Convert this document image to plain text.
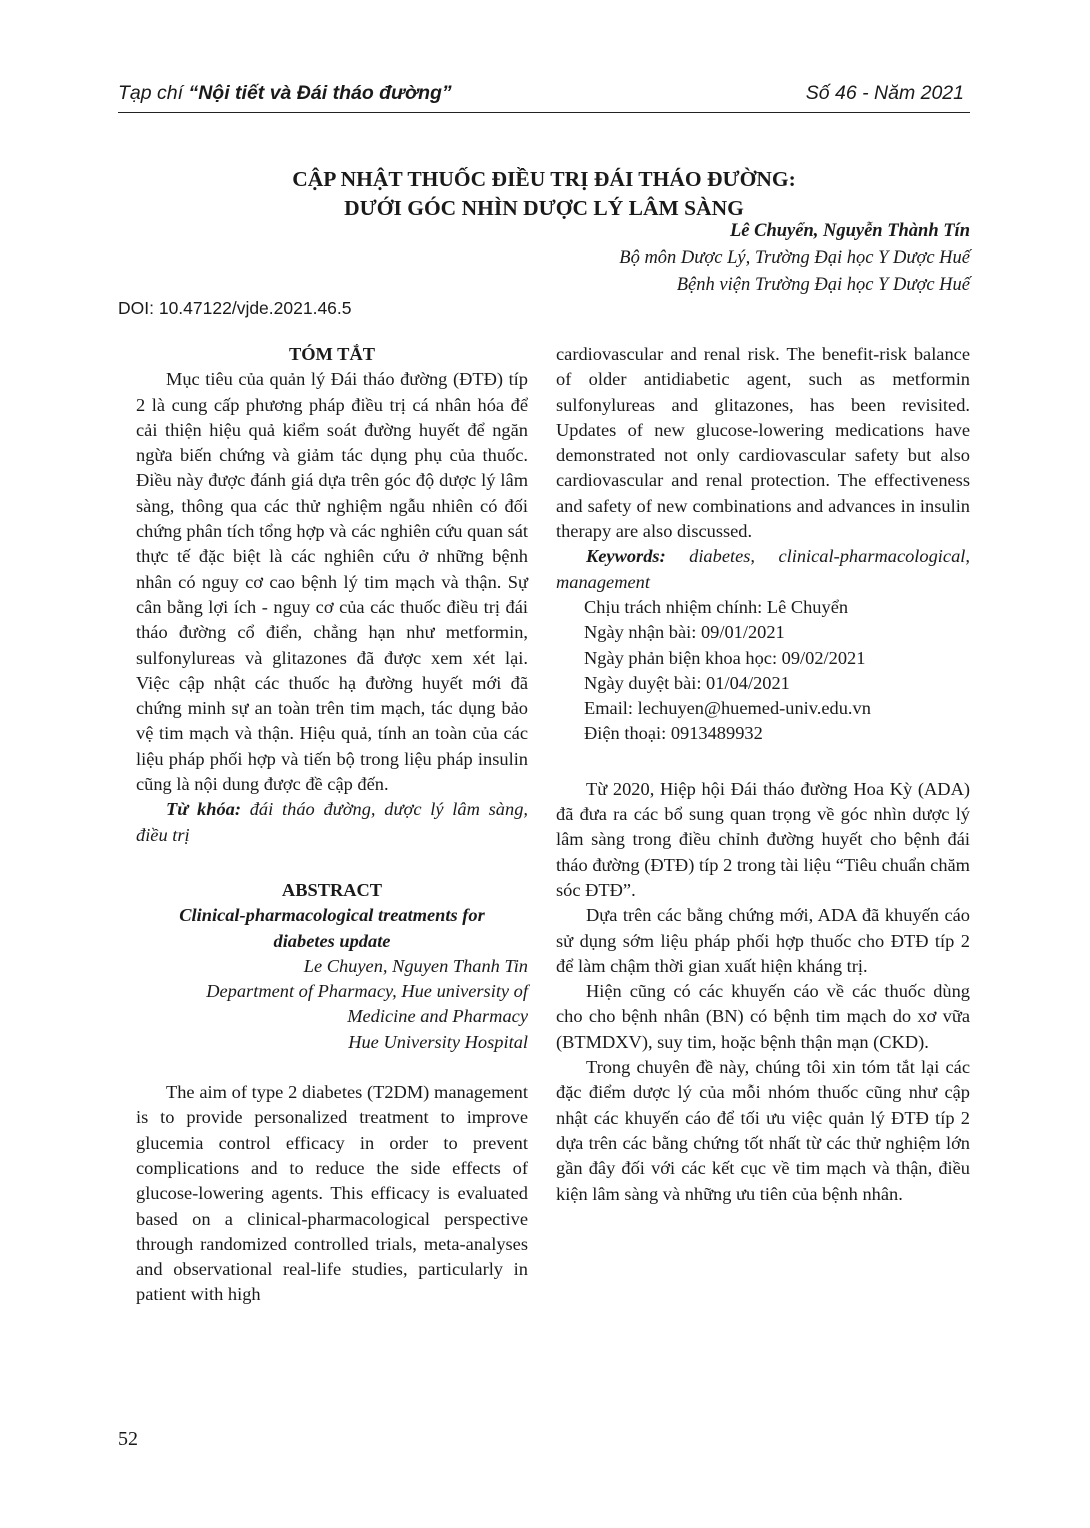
Tạp chí “Nội tiết và Đái tháo đường”	Số 46 - Năm 2021
CẬP NHẬT THUỐC ĐIỀU TRỊ ĐÁI THÁO ĐƯỜNG:
DƯỚI GÓC NHÌN DƯỢC LÝ LÂM SÀNG
Lê Chuyển, Nguyễn Thành Tín
Bộ môn Dược Lý, Trường Đại học Y Dược Huế
Bệnh viện Trường Đại học Y Dược Huế
DOI: 10.47122/vjde.2021.46.5

TÓM TẮT

Mục tiêu của quản lý Đái tháo đường (ĐTĐ) típ 2 là cung cấp phương pháp điều trị cá nhân hóa để cải thiện hiệu quả kiểm soát đường huyết để ngăn ngừa biến chứng và giảm tác dụng phụ của thuốc. Điều này được đánh giá dựa trên góc độ dược lý lâm sàng, thông qua các thử nghiệm ngẫu nhiên có đối chứng phân tích tổng hợp và các nghiên cứu quan sát thực tế đặc biệt là các nghiên cứu ở những bệnh nhân có nguy cơ cao bệnh lý tim mạch và thận. Sự cân bằng lợi ích - nguy cơ của các thuốc điều trị đái tháo đường cổ điển, chẳng hạn như metformin, sulfonylureas và glitazones đã được xem xét lại. Việc cập nhật các thuốc hạ đường huyết mới đã chứng minh sự an toàn trên tim mạch, tác dụng bảo vệ tim mạch và thận. Hiệu quả, tính an toàn của các liệu pháp phối hợp và tiến bộ trong liệu pháp insulin cũng là nội dung được đề cập đến.

Từ khóa: đái tháo đường, dược lý lâm sàng, điều trị

ABSTRACT

Clinical-pharmacological treatments for

diabetes update

Le Chuyen, Nguyen Thanh Tin

Department of Pharmacy, Hue university of

Medicine and Pharmacy

Hue University Hospital

The aim of type 2 diabetes (T2DM) management is to provide personalized treatment to improve glucemia control efficacy in order to prevent complications and to reduce the side effects of glucose-lowering agents. This efficacy is evaluated based on a clinical-pharmacological perspective through randomized controlled trials, meta-analyses and observational real-life studies, particularly in patient with high

cardiovascular and renal risk. The benefit-risk balance of older antidiabetic agent, such as metformin sulfonylureas and glitazones, has been revisited. Updates of new glucose-lowering medications have demonstrated not only cardiovascular safety but also cardiovascular and renal protection. The effectiveness and safety of new combinations and advances in insulin therapy are also discussed.

Keywords: diabetes, clinical-pharmacological, management

Chịu trách nhiệm chính: Lê Chuyển

Ngày nhận bài: 09/01/2021

Ngày phản biện khoa học: 09/02/2021

Ngày duyệt bài: 01/04/2021

Email: lechuyen@huemed-univ.edu.vn

Điện thoại: 0913489932

Từ 2020, Hiệp hội Đái tháo đường Hoa Kỳ (ADA) đã đưa ra các bổ sung quan trọng về góc nhìn dược lý lâm sàng trong điều chỉnh đường huyết cho bệnh đái tháo đường (ĐTĐ) típ 2 trong tài liệu “Tiêu chuẩn chăm sóc ĐTĐ”.

Dựa trên các bằng chứng mới, ADA đã khuyến cáo sử dụng sớm liệu pháp phối hợp thuốc cho ĐTĐ típ 2 để làm chậm thời gian xuất hiện kháng trị.

Hiện cũng có các khuyến cáo về các thuốc dùng cho cho bệnh nhân (BN) có bệnh tim mạch do xơ vữa (BTMDXV), suy tim, hoặc bệnh thận mạn (CKD).

Trong chuyên đề này, chúng tôi xin tóm tắt lại các đặc điểm dược lý của mỗi nhóm thuốc cũng như cập nhật các khuyến cáo để tối ưu việc quản lý ĐTĐ típ 2 dựa trên các bằng chứng tốt nhất từ các thử nghiệm lớn gần đây đối với các kết cục về tim mạch và thận, điều kiện lâm sàng và những ưu tiên của bệnh nhân.

52
